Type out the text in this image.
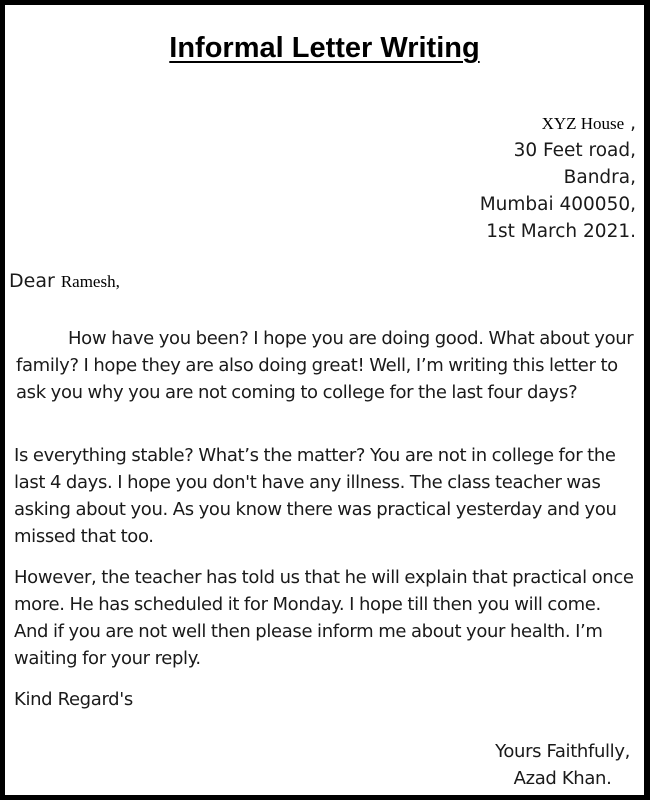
Informal Letter Writing
XYZ House ,
30 Feet road,
Bandra,
Mumbai 400050,
1st March 2021.
Dear Ramesh,
How have you been? I hope you are doing good. What about your family? I hope they are also doing great! Well, I’m writing this letter to ask you why you are not coming to college for the last four days?
Is everything stable? What’s the matter? You are not in college for the last 4 days. I hope you don't have any illness. The class teacher was asking about you. As you know there was practical yesterday and you missed that too.
However, the teacher has told us that he will explain that practical once more. He has scheduled it for Monday. I hope till then you will come. And if you are not well then please inform me about your health. I’m waiting for your reply.
Kind Regard's
Yours Faithfully,
Azad Khan.
